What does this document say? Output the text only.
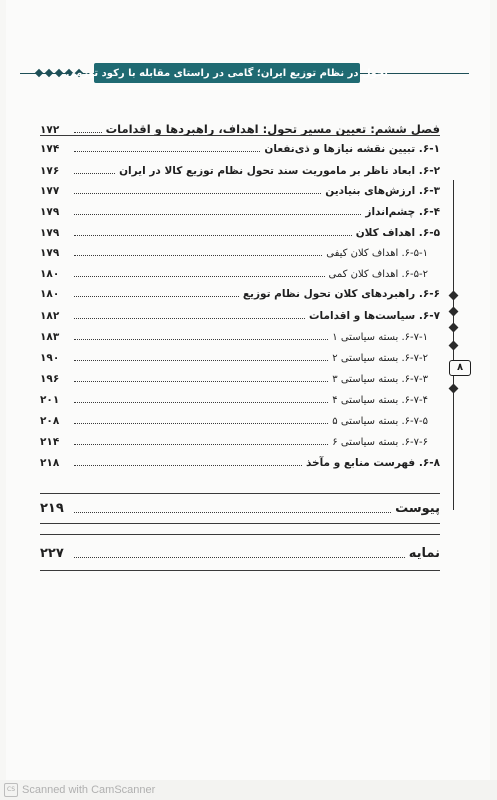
تحول در نظام توزیع ایران؛ گامی در راستای مقابله با رکود تورمی
۸
فصل ششم: تعیین مسیر تحول: اهداف، راهبردها و اقدامات
۱۷۲
۶-۱. تبیین نقشه نیازها و ذی‌نفعان
۱۷۴
۶-۲. ابعاد ناظر بر ماموریت سند تحول نظام توزیع کالا در ایران
۱۷۶
۶-۳. ارزش‌های بنیادین
۱۷۷
۶-۴. چشم‌انداز
۱۷۹
۶-۵. اهداف کلان
۱۷۹
۶-۵-۱. اهداف کلان کیفی
۱۷۹
۶-۵-۲. اهداف کلان کمی
۱۸۰
۶-۶. راهبردهای کلان تحول نظام توزیع
۱۸۰
۶-۷. سیاست‌ها و اقدامات
۱۸۲
۶-۷-۱. بسته سیاستی ۱
۱۸۳
۶-۷-۲. بسته سیاستی ۲
۱۹۰
۶-۷-۳. بسته سیاستی ۳
۱۹۶
۶-۷-۴. بسته سیاستی ۴
۲۰۱
۶-۷-۵. بسته سیاستی ۵
۲۰۸
۶-۷-۶. بسته سیاستی ۶
۲۱۴
۶-۸. فهرست منابع و مآخذ
۲۱۸
پیوست
۲۱۹
نمایه
۲۲۷
CS Scanned with CamScanner
